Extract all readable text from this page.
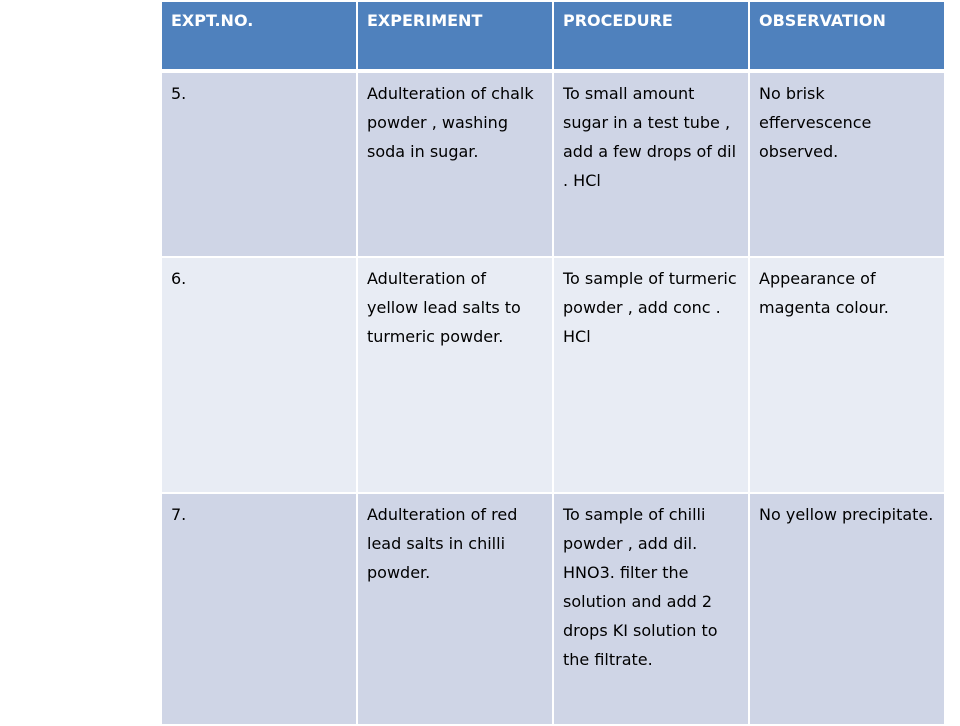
EXPT.NO.	EXPERIMENT	PROCEDURE	OBSERVATION
5.	Adulteration of chalk powder , washing soda in sugar.	To small amount sugar in a test tube , add a few drops of dil . HCl	No brisk effervescence observed.
6.	Adulteration of yellow lead salts to turmeric powder.	To sample of turmeric powder , add conc . HCl	Appearance of magenta colour.
7.	Adulteration of red lead salts in chilli powder.	To sample of chilli powder , add dil. HNO3. filter the solution and add 2 drops KI solution to the filtrate.	No yellow precipitate.
